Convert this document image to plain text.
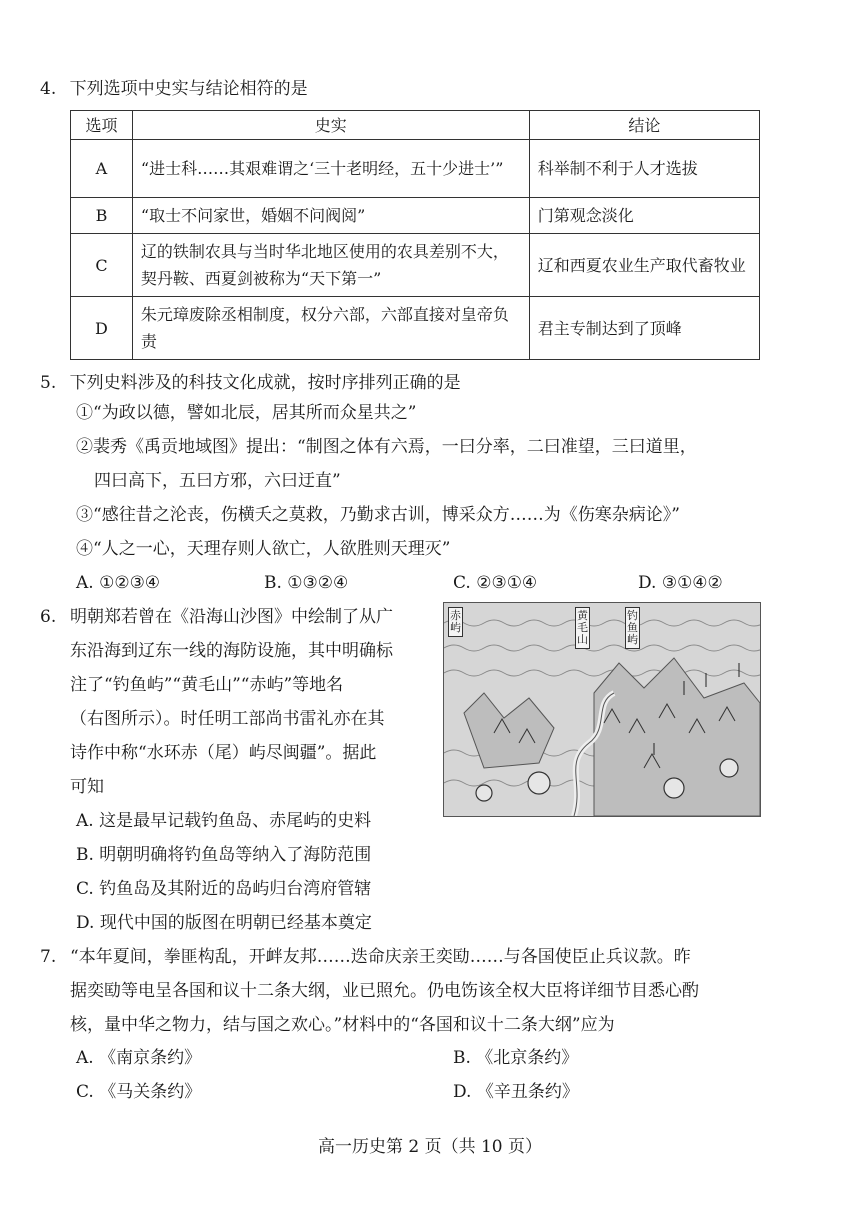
4. 下列选项中史实与结论相符的是
选项	史实	结论
A	“进士科……其艰难谓之‘三十老明经，五十少进士’”	科举制不利于人才选拔
B	“取士不问家世，婚姻不问阀阅”	门第观念淡化
C	辽的铁制农具与当时华北地区使用的农具差别不大，契丹鞍、西夏剑被称为“天下第一”	辽和西夏农业生产取代畜牧业
D	朱元璋废除丞相制度，权分六部，六部直接对皇帝负责	君主专制达到了顶峰
5. 下列史料涉及的科技文化成就，按时序排列正确的是
①“为政以德，譬如北辰，居其所而众星共之”
②裴秀《禹贡地域图》提出：“制图之体有六焉，一曰分率，二曰准望，三曰道里，
四曰高下，五曰方邪，六曰迂直”
③“感往昔之沦丧，伤横夭之莫救，乃勤求古训，博采众方……为《伤寒杂病论》”
④“人之一心，天理存则人欲亡，人欲胜则天理灭”
A. ①②③④	B. ①③②④	C. ②③①④	D. ③①④②
6. 明朝郑若曾在《沿海山沙图》中绘制了从广
东沿海到辽东一线的海防设施，其中明确标
注了“钓鱼屿”“黄毛山”“赤屿”等地名
（右图所示）。时任明工部尚书雷礼亦在其
诗作中称“水环赤（尾）屿尽闽疆”。据此
可知
赤屿
黄毛山
钓鱼屿
A. 这是最早记载钓鱼岛、赤尾屿的史料
B. 明朝明确将钓鱼岛等纳入了海防范围
C. 钓鱼岛及其附近的岛屿归台湾府管辖
D. 现代中国的版图在明朝已经基本奠定
7. “本年夏间，拳匪构乱，开衅友邦……迭命庆亲王奕劻……与各国使臣止兵议款。昨
据奕劻等电呈各国和议十二条大纲，业已照允。仍电饬该全权大臣将详细节目悉心酌
核，量中华之物力，结与国之欢心。”材料中的“各国和议十二条大纲”应为
A. 《南京条约》	B. 《北京条约》
C. 《马关条约》	D. 《辛丑条约》
高一历史第 2 页（共 10 页）
